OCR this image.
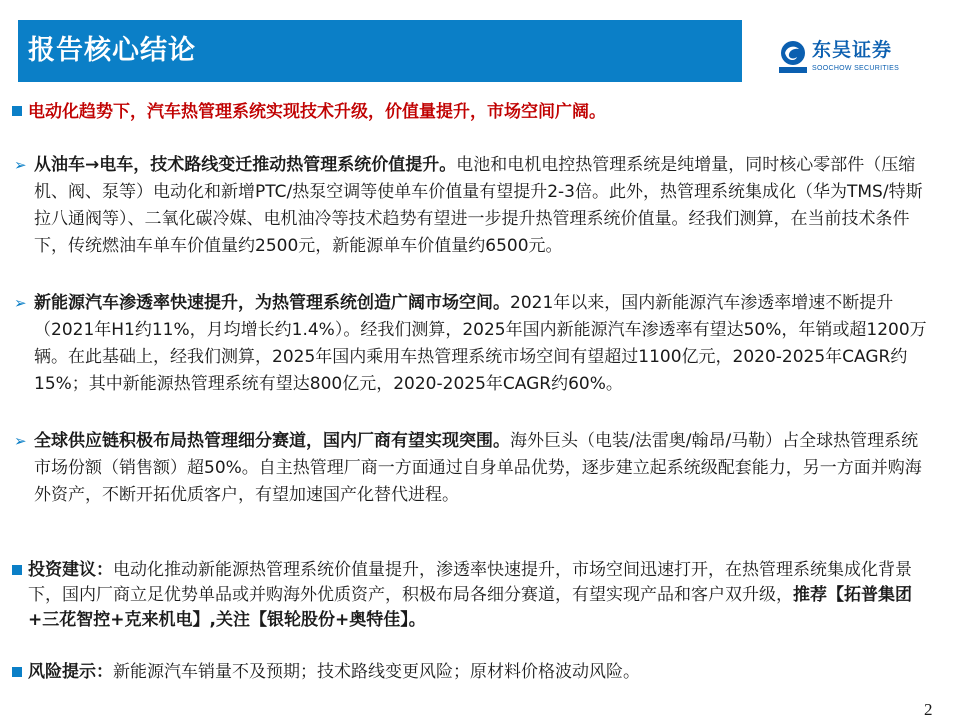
报告核心结论	东吴证券
SOOCHOW SECURITIES
电动化趋势下，汽车热管理系统实现技术升级，价值量提升，市场空间广阔。
➢ 从油车→电车，技术路线变迁推动热管理系统价值提升。电池和电机电控热管理系统是纯增量，同时核心零部件（压缩机、阀、泵等）电动化和新增PTC/热泵空调等使单车价值量有望提升2-3倍。此外，热管理系统集成化（华为TMS/特斯拉八通阀等）、二氧化碳冷媒、电机油冷等技术趋势有望进一步提升热管理系统价值量。经我们测算，在当前技术条件下，传统燃油车单车价值量约2500元，新能源单车价值量约6500元。
➢ 新能源汽车渗透率快速提升，为热管理系统创造广阔市场空间。2021年以来，国内新能源汽车渗透率增速不断提升（2021年H1约11%，月均增长约1.4%）。经我们测算，2025年国内新能源汽车渗透率有望达50%，年销或超1200万辆。在此基础上，经我们测算，2025年国内乘用车热管理系统市场空间有望超过1100亿元，2020-2025年CAGR约15%；其中新能源热管理系统有望达800亿元，2020-2025年CAGR约60%。
➢ 全球供应链积极布局热管理细分赛道，国内厂商有望实现突围。海外巨头（电装/法雷奥/翰昂/马勒）占全球热管理系统市场份额（销售额）超50%。自主热管理厂商一方面通过自身单品优势，逐步建立起系统级配套能力，另一方面并购海外资产，不断开拓优质客户，有望加速国产化替代进程。
投资建议：电动化推动新能源热管理系统价值量提升，渗透率快速提升，市场空间迅速打开，在热管理系统集成化背景下，国内厂商立足优势单品或并购海外优质资产，积极布局各细分赛道，有望实现产品和客户双升级，推荐【拓普集团+三花智控+克来机电】,关注【银轮股份+奥特佳】。
风险提示：新能源汽车销量不及预期；技术路线变更风险；原材料价格波动风险。
2
